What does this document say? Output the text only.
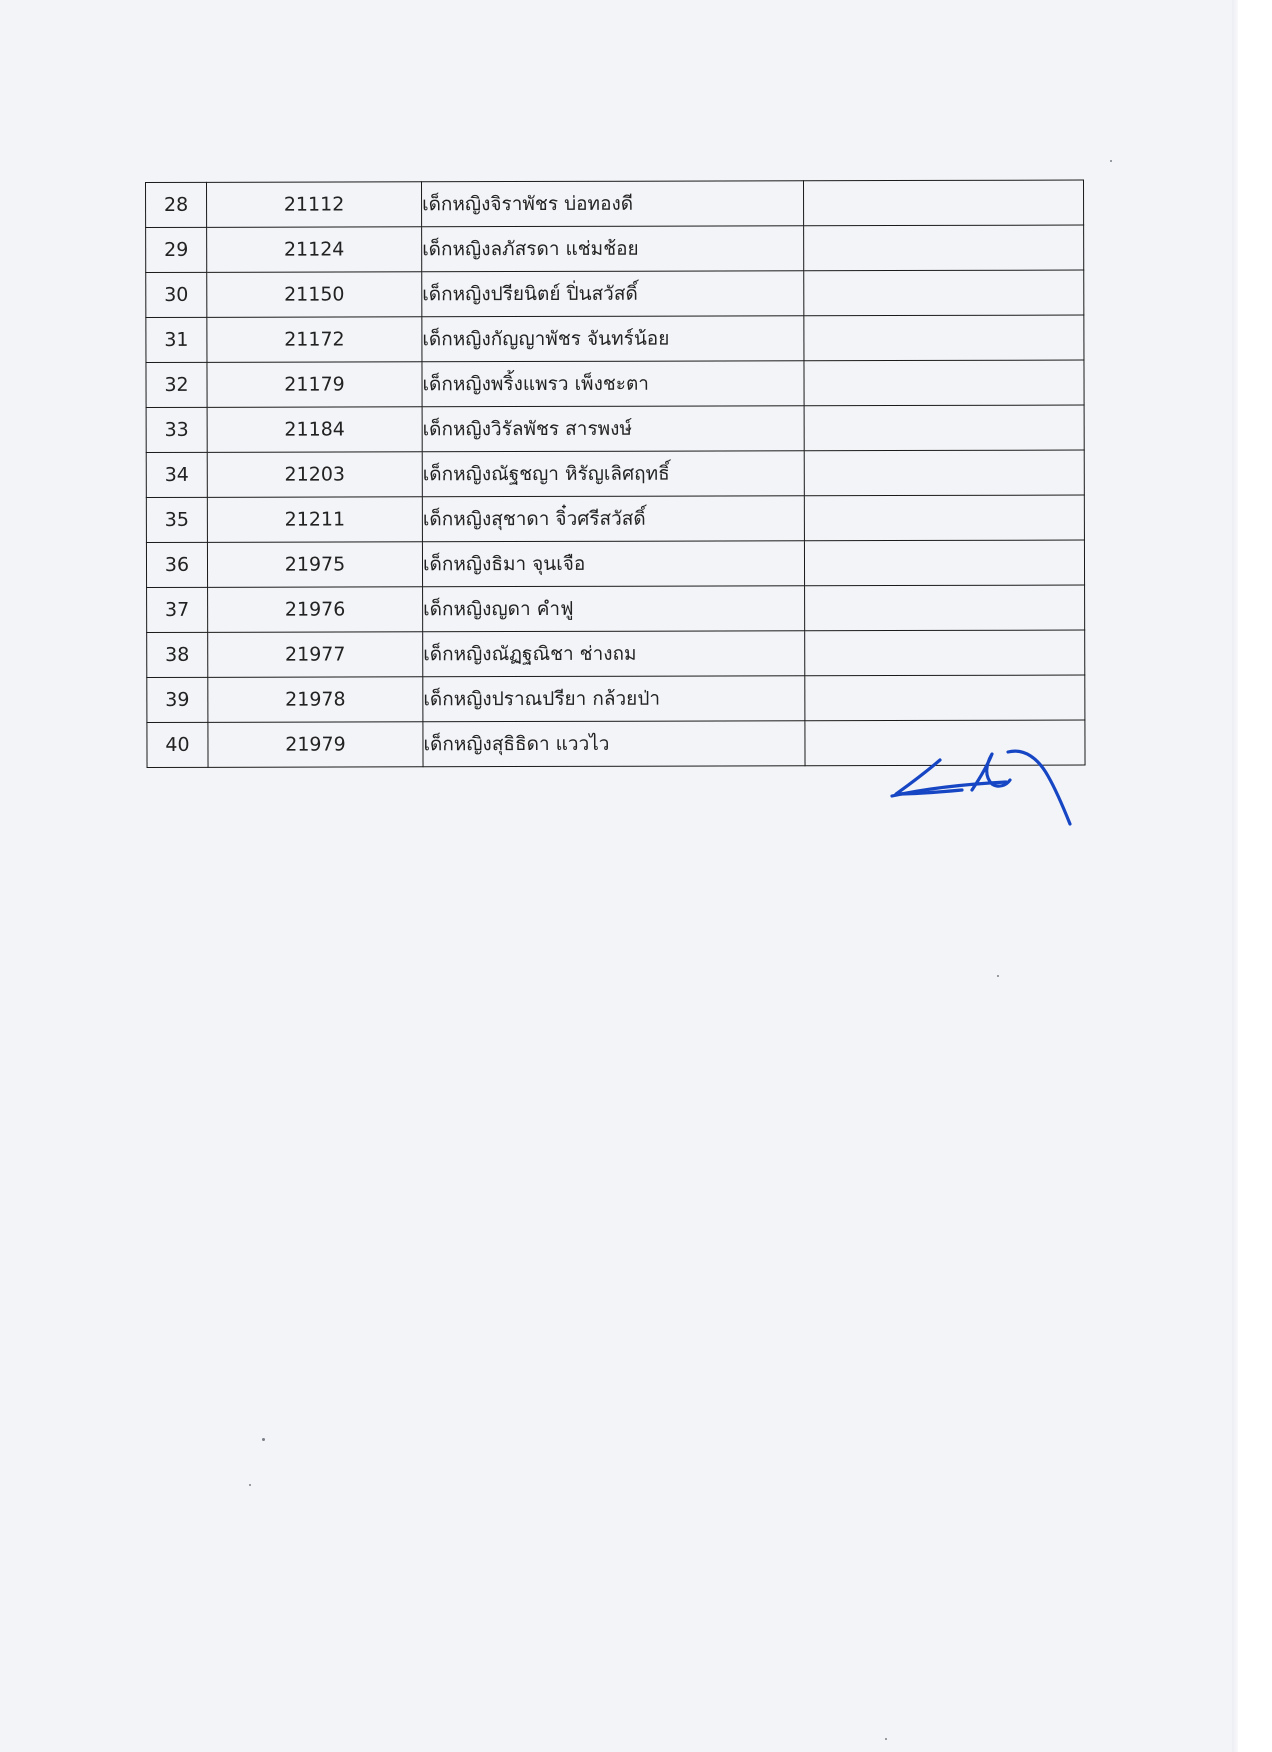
28	21112	เด็กหญิงจิราพัชร บ่อทองดี	
29	21124	เด็กหญิงลภัสรดา แช่มช้อย	
30	21150	เด็กหญิงปรียนิตย์ ปิ่นสวัสดิ์	
31	21172	เด็กหญิงกัญญาพัชร จันทร์น้อย	
32	21179	เด็กหญิงพริ้งแพรว เพ็งชะตา	
33	21184	เด็กหญิงวิรัลพัชร สารพงษ์	
34	21203	เด็กหญิงณัฐชญา หิรัญเลิศฤทธิ์	
35	21211	เด็กหญิงสุชาดา จิ๋วศรีสวัสดิ์	
36	21975	เด็กหญิงธิมา จุนเจือ	
37	21976	เด็กหญิงญดา คำฟู	
38	21977	เด็กหญิงณัฏฐณิชา ช่างถม	
39	21978	เด็กหญิงปราณปรียา กล้วยป่า	
40	21979	เด็กหญิงสุธิธิดา แววไว	
